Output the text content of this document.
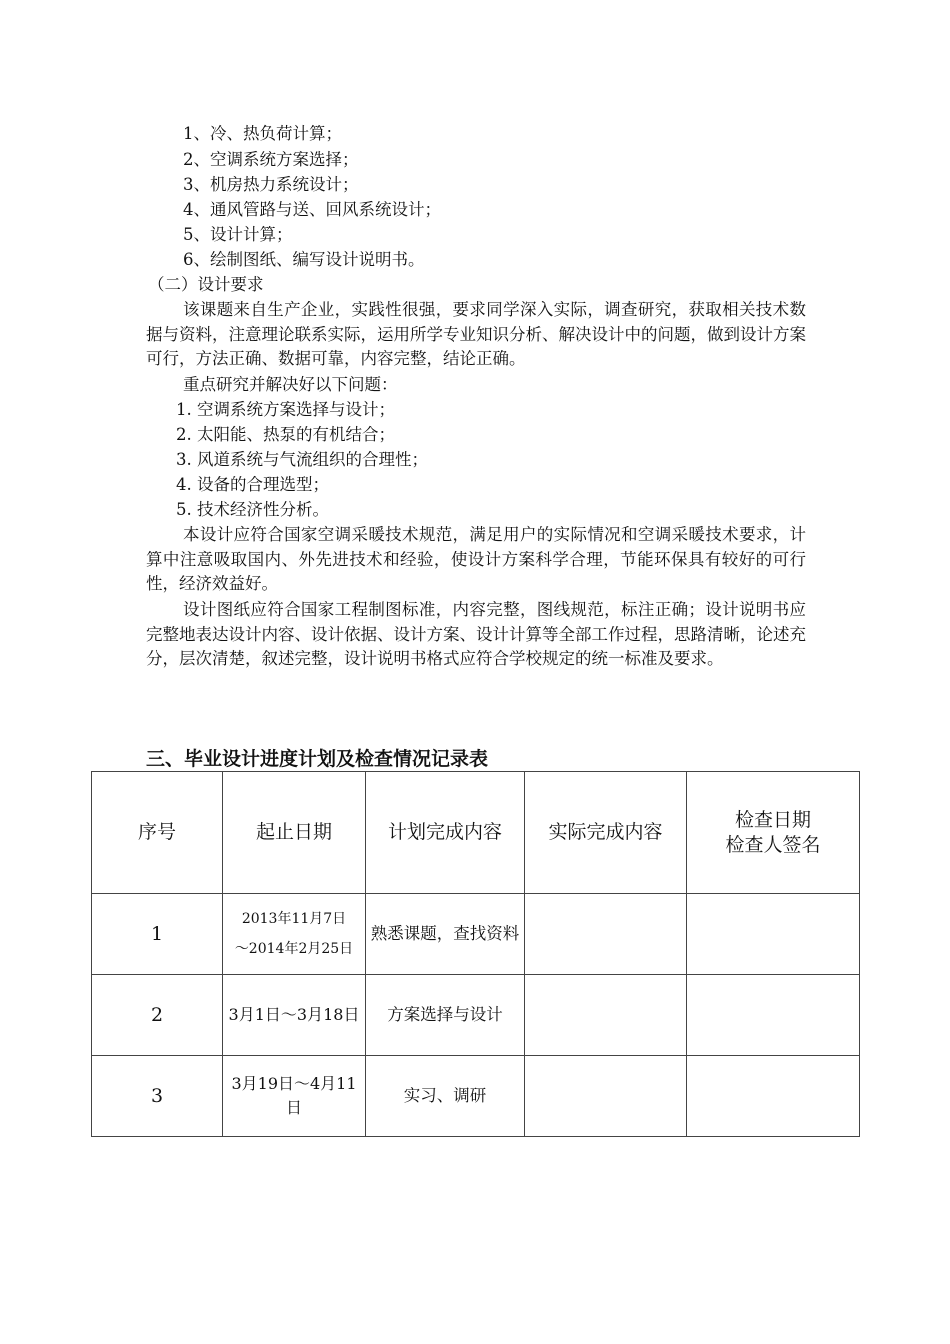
1、冷、热负荷计算；
2、空调系统方案选择；
3、机房热力系统设计；
4、通风管路与送、回风系统设计；
5、设计计算；
6、绘制图纸、编写设计说明书。
（二）设计要求
该课题来自生产企业，实践性很强，要求同学深入实际，调查研究，获取相关技术数据与资料，注意理论联系实际，运用所学专业知识分析、解决设计中的问题，做到设计方案可行，方法正确、数据可靠，内容完整，结论正确。
重点研究并解决好以下问题：
1. 空调系统方案选择与设计；
2. 太阳能、热泵的有机结合；
3. 风道系统与气流组织的合理性；
4. 设备的合理选型；
5. 技术经济性分析。
本设计应符合国家空调采暖技术规范，满足用户的实际情况和空调采暖技术要求，计算中注意吸取国内、外先进技术和经验，使设计方案科学合理，节能环保具有较好的可行性，经济效益好。
设计图纸应符合国家工程制图标准，内容完整，图线规范，标注正确；设计说明书应完整地表达设计内容、设计依据、设计方案、设计计算等全部工作过程，思路清晰，论述充分，层次清楚，叙述完整，设计说明书格式应符合学校规定的统一标准及要求。
三、毕业设计进度计划及检查情况记录表
序号	起止日期	计划完成内容	实际完成内容	检查日期
检查人签名

1	2013年11月7日
～2014年2月25日	熟悉课题，查找资料		
2	3月1日～3月18日	方案选择与设计		
3	3月19日～4月11日	实习、调研		
